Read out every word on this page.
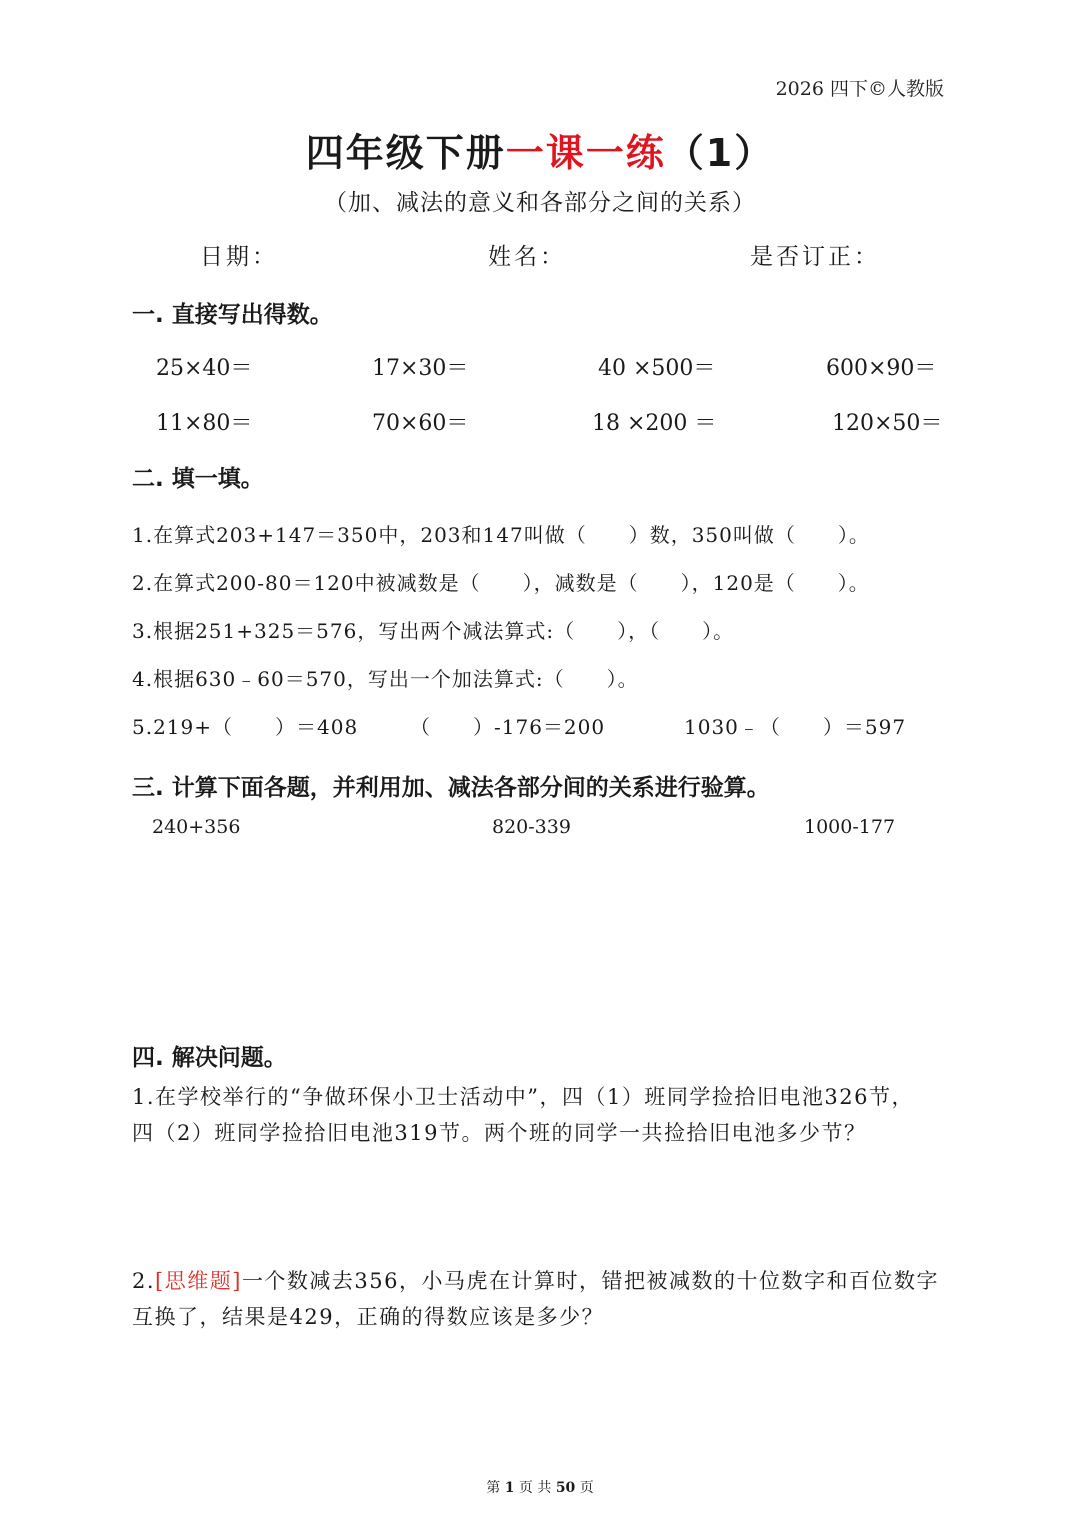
2026 四下©人教版
四年级下册一课一练（1）
（加、减法的意义和各部分之间的关系）
日期：	姓名：	是否订正：
一. 直接写出得数。
25×40＝	17×30＝	40 ×500＝	600×90＝
11×80＝	70×60＝	18 ×200 ＝	120×50＝
二. 填一填。
1.在算式203+147＝350中，203和147叫做（　　）数，350叫做（　　）。
2.在算式200-80＝120中被减数是（　　），减数是（　　），120是（　　）。
3.根据251+325＝576，写出两个减法算式:（　　），（　　）。
4.根据630﹣60＝570，写出一个加法算式:（　　）。
5.219+（　　）＝408	（　　）-176＝200	1030﹣（　　）＝597
三. 计算下面各题，并利用加、减法各部分间的关系进行验算。
240+356	820-339	1000-177
四. 解决问题。
1.在学校举行的“争做环保小卫士活动中”，四（1）班同学捡拾旧电池326节，
四（2）班同学捡拾旧电池319节。两个班的同学一共捡拾旧电池多少节？
2.[思维题]一个数减去356，小马虎在计算时，错把被减数的十位数字和百位数字
互换了，结果是429，正确的得数应该是多少？
第 1 页 共 50 页
